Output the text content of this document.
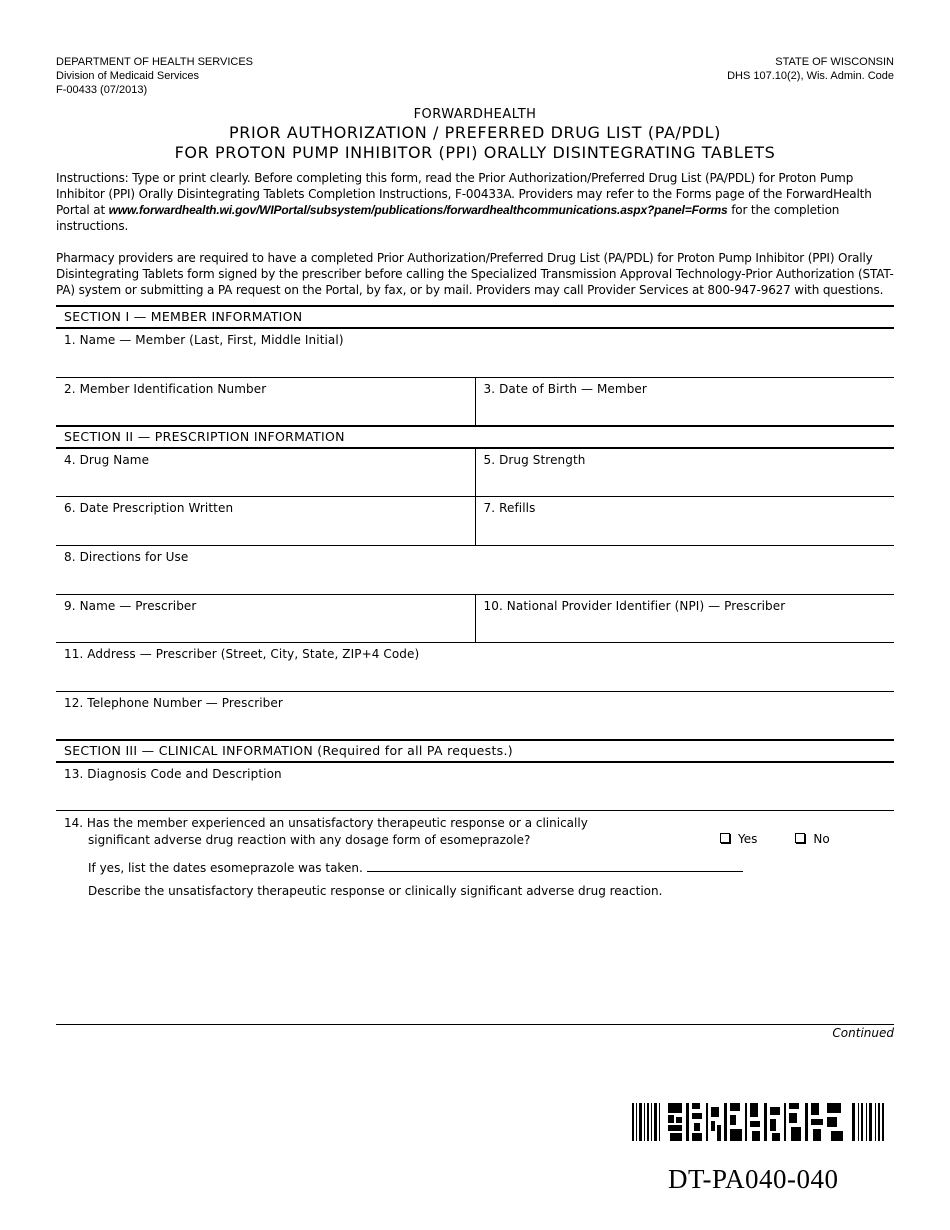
DEPARTMENT OF HEALTH SERVICES
Division of Medicaid Services
F-00433 (07/2013)
STATE OF WISCONSIN
DHS 107.10(2), Wis. Admin. Code
FORWARDHEALTH
PRIOR AUTHORIZATION / PREFERRED DRUG LIST (PA/PDL)
FOR PROTON PUMP INHIBITOR (PPI) ORALLY DISINTEGRATING TABLETS
Instructions: Type or print clearly. Before completing this form, read the Prior Authorization/Preferred Drug List (PA/PDL) for Proton Pump Inhibitor (PPI) Orally Disintegrating Tablets Completion Instructions, F-00433A. Providers may refer to the Forms page of the ForwardHealth Portal at www.forwardhealth.wi.gov/WIPortal/subsystem/publications/forwardhealthcommunications.aspx?panel=Forms for the completion instructions.
Pharmacy providers are required to have a completed Prior Authorization/Preferred Drug List (PA/PDL) for Proton Pump Inhibitor (PPI) Orally Disintegrating Tablets form signed by the prescriber before calling the Specialized Transmission Approval Technology-Prior Authorization (STAT-PA) system or submitting a PA request on the Portal, by fax, or by mail. Providers may call Provider Services at 800-947-9627 with questions.
SECTION I — MEMBER INFORMATION
1. Name — Member (Last, First, Middle Initial)
2. Member Identification Number	3. Date of Birth — Member
SECTION II — PRESCRIPTION INFORMATION
4. Drug Name	5. Drug Strength
6. Date Prescription Written	7. Refills
8. Directions for Use
9. Name — Prescriber	10. National Provider Identifier (NPI) — Prescriber
11. Address — Prescriber (Street, City, State, ZIP+4 Code)
12. Telephone Number — Prescriber
SECTION III — CLINICAL INFORMATION (Required for all PA requests.)
13. Diagnosis Code and Description
14. Has the member experienced an unsatisfactory therapeutic response or a clinically
significant adverse drug reaction with any dosage form of esomeprazole?	Yes	No
If yes, list the dates esomeprazole was taken.
Describe the unsatisfactory therapeutic response or clinically significant adverse drug reaction.
Continued
DT-PA040-040
